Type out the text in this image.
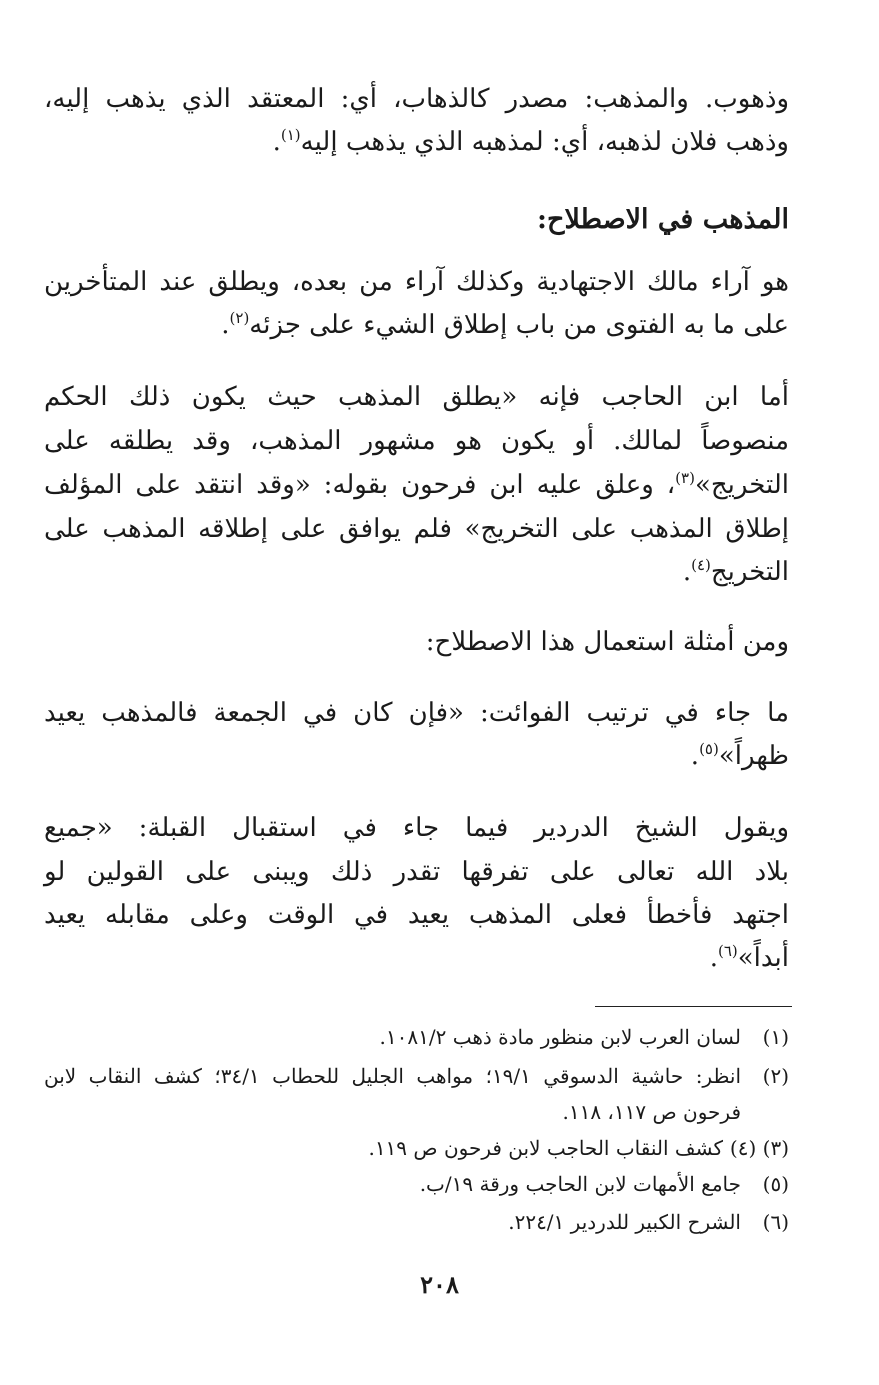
وذهوب. والمذهب: مصدر كالذهاب، أي: المعتقد الذي يذهب إليه،
وذهب فلان لذهبه، أي: لمذهبه الذي يذهب إليه$^{(١)}$.
المذهب في الاصطلاح:
هو آراء مالك الاجتهادية وكذلك آراء من بعده، ويطلق عند المتأخرين
على ما به الفتوى من باب إطلاق الشيء على جزئه$^{(٢)}$.
أما ابن الحاجب فإنه «يطلق المذهب حيث يكون ذلك الحكم
منصوصاً لمالك. أو يكون هو مشهور المذهب، وقد يطلقه على
التخريج»$^{(٣)}$، وعلق عليه ابن فرحون بقوله: «وقد انتقد على المؤلف
إطلاق المذهب على التخريج» فلم يوافق على إطلاقه المذهب على
التخريج$^{(٤)}$.
ومن أمثلة استعمال هذا الاصطلاح:
ما جاء في ترتيب الفوائت: «فإن كان في الجمعة فالمذهب يعيد
ظهراً»$^{(٥)}$.
ويقول الشيخ الدردير فيما جاء في استقبال القبلة: «جميع
بلاد الله تعالى على تفرقها تقدر ذلك ويبنى على القولين لو
اجتهد فأخطأ فعلى المذهب يعيد في الوقت وعلى مقابله يعيد
أبداً»$^{(٦)}$.
(١)
لسان العرب لابن منظور مادة ذهب ١٠٨١/٢.
(٢)
انظر: حاشية الدسوقي ١٩/١؛ مواهب الجليل للحطاب ٣٤/١؛ كشف النقاب لابن
فرحون ص ١١٧، ١١٨.
(٣) (٤)
كشف النقاب الحاجب لابن فرحون ص ١١٩.
(٥)
جامع الأمهات لابن الحاجب ورقة ١٩/ب.
(٦)
الشرح الكبير للدردير ٢٢٤/١.
٢٠٨
